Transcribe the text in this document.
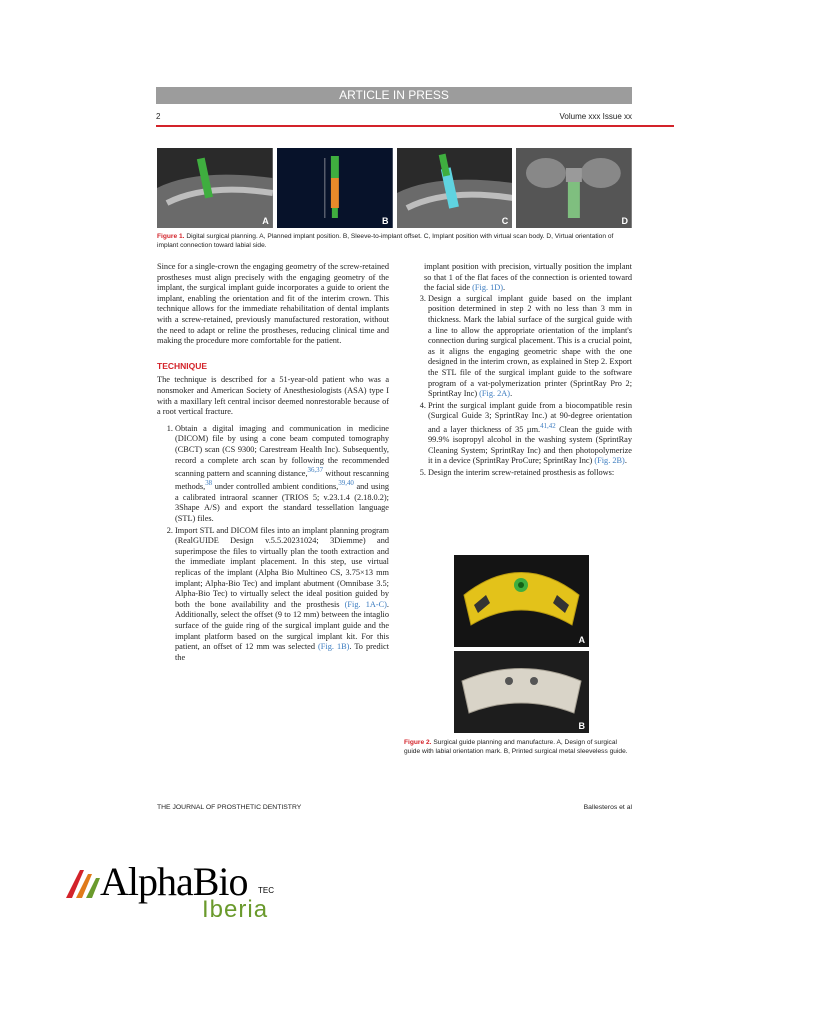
ARTICLE IN PRESS
2	Volume xxx Issue xx
A	B	C	D
Figure 1. Digital surgical planning. A, Planned implant position. B, Sleeve-to-implant offset. C, Implant position with virtual scan body. D, Virtual orientation of implant connection toward labial side.

Since for a single-crown the engaging geometry of the screw-retained prostheses must align precisely with the engaging geometry of the implant, the surgical implant guide incorporates a guide to orient the implant, enabling the orientation and fit of the interim crown. This technique allows for the immediate rehabilitation of dental implants with a screw-retained, previously manufactured restoration, without the need to adapt or reline the prostheses, reducing clinical time and making the procedure more comfortable for the patient.

TECHNIQUE

The technique is described for a 51-year-old patient who was a nonsmoker and American Society of Anesthesiologists (ASA) type I with a maxillary left central incisor deemed nonrestorable because of a root vertical fracture.

1. Obtain a digital imaging and communication in medicine (DICOM) file by using a cone beam computed tomography (CBCT) scan (CS 9300; Carestream Health Inc). Subsequently, record a complete arch scan by following the recommended scanning pattern and scanning distance,$^{36,37}$ without rescanning methods,$^{38}$ under controlled ambient conditions,$^{39,40}$ and using a calibrated intraoral scanner (TRIOS 5; v.23.1.4 (2.18.0.2); 3Shape A/S) and export the standard tessellation language (STL) files.
2. Import STL and DICOM files into an implant planning program (RealGUIDE Design v.5.5.20231024; 3Diemme) and superimpose the files to virtually plan the tooth extraction and the immediate implant placement. In this step, use virtual replicas of the implant (Alpha Bio Multineo CS, 3.75×13 mm implant; Alpha-Bio Tec) and implant abutment (Omnibase 3.5; Alpha-Bio Tec) to virtually select the ideal position guided by both the bone availability and the prosthesis (Fig. 1A-C). Additionally, select the offset (9 to 12 mm) between the intaglio surface of the guide ring of the surgical implant guide and the implant platform based on the surgical implant kit. For this patient, an offset of 12 mm was selected (Fig. 1B). To predict the

implant position with precision, virtually position the implant so that 1 of the flat faces of the connection is oriented toward the facial side (Fig. 1D).

3. Design a surgical implant guide based on the implant position determined in step 2 with no less than 3 mm in thickness. Mark the labial surface of the surgical guide with a line to allow the appropriate orientation of the implant's connection during surgical placement. This is a crucial point, as it aligns the engaging geometric shape with the one designed in the interim crown, as explained in Step 2. Export the STL file of the surgical implant guide to the software program of a vat-polymerization printer (SprintRay Pro 2; SprintRay Inc) (Fig. 2A).
4. Print the surgical implant guide from a biocompatible resin (Surgical Guide 3; SprintRay Inc.) at 90-degree orientation and a layer thickness of 35 µm.$^{41,42}$ Clean the guide with 99.9% isopropyl alcohol in the washing system (SprintRay Cleaning System; SprintRay Inc) and then photopolymerize it in a device (SprintRay ProCure; SprintRay Inc) (Fig. 2B).
5. Design the interim screw-retained prosthesis as follows:
A
B
Figure 2. Surgical guide planning and manufacture. A, Design of surgical guide with labial orientation mark. B, Printed surgical metal sleeveless guide.
THE JOURNAL OF PROSTHETIC DENTISTRY	Ballesteros et al
AlphaBio TEC
Iberia
